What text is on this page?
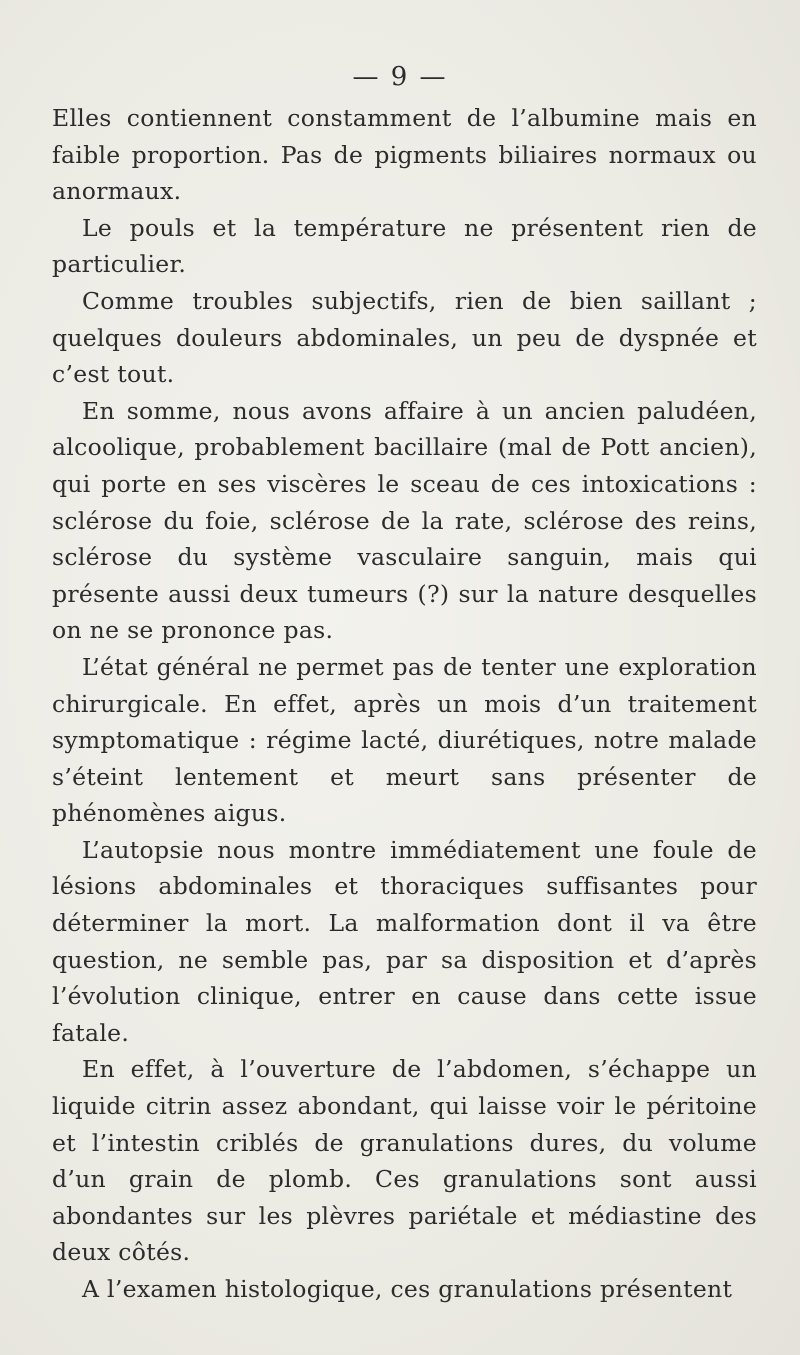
— 9 —

Elles contiennent constamment de l’albumine mais en faible proportion. Pas de pigments biliaires normaux ou anormaux.

Le pouls et la température ne présentent rien de particulier.

Comme troubles subjectifs, rien de bien saillant ; quelques douleurs abdominales, un peu de dyspnée et c’est tout.

En somme, nous avons affaire à un ancien paludéen, alcoolique, probablement bacillaire (mal de Pott ancien), qui porte en ses viscères le sceau de ces intoxications : sclérose du foie, sclérose de la rate, sclérose des reins, sclérose du système vasculaire sanguin, mais qui présente aussi deux tumeurs (?) sur la nature desquelles on ne se prononce pas.

L’état général ne permet pas de tenter une exploration chirurgicale. En effet, après un mois d’un traitement symptomatique : régime lacté, diurétiques, notre malade s’éteint lentement et meurt sans présenter de phénomènes aigus.

L’autopsie nous montre immédiatement une foule de lésions abdominales et thoraciques suffisantes pour déterminer la mort. La malformation dont il va être question, ne semble pas, par sa disposition et d’après l’évolution clinique, entrer en cause dans cette issue fatale.

En effet, à l’ouverture de l’abdomen, s’échappe un liquide citrin assez abondant, qui laisse voir le péritoine et l’intestin criblés de granulations dures, du volume d’un grain de plomb. Ces granulations sont aussi abondantes sur les plèvres pariétale et médiastine des deux côtés.

A l’examen histologique, ces granulations présentent
